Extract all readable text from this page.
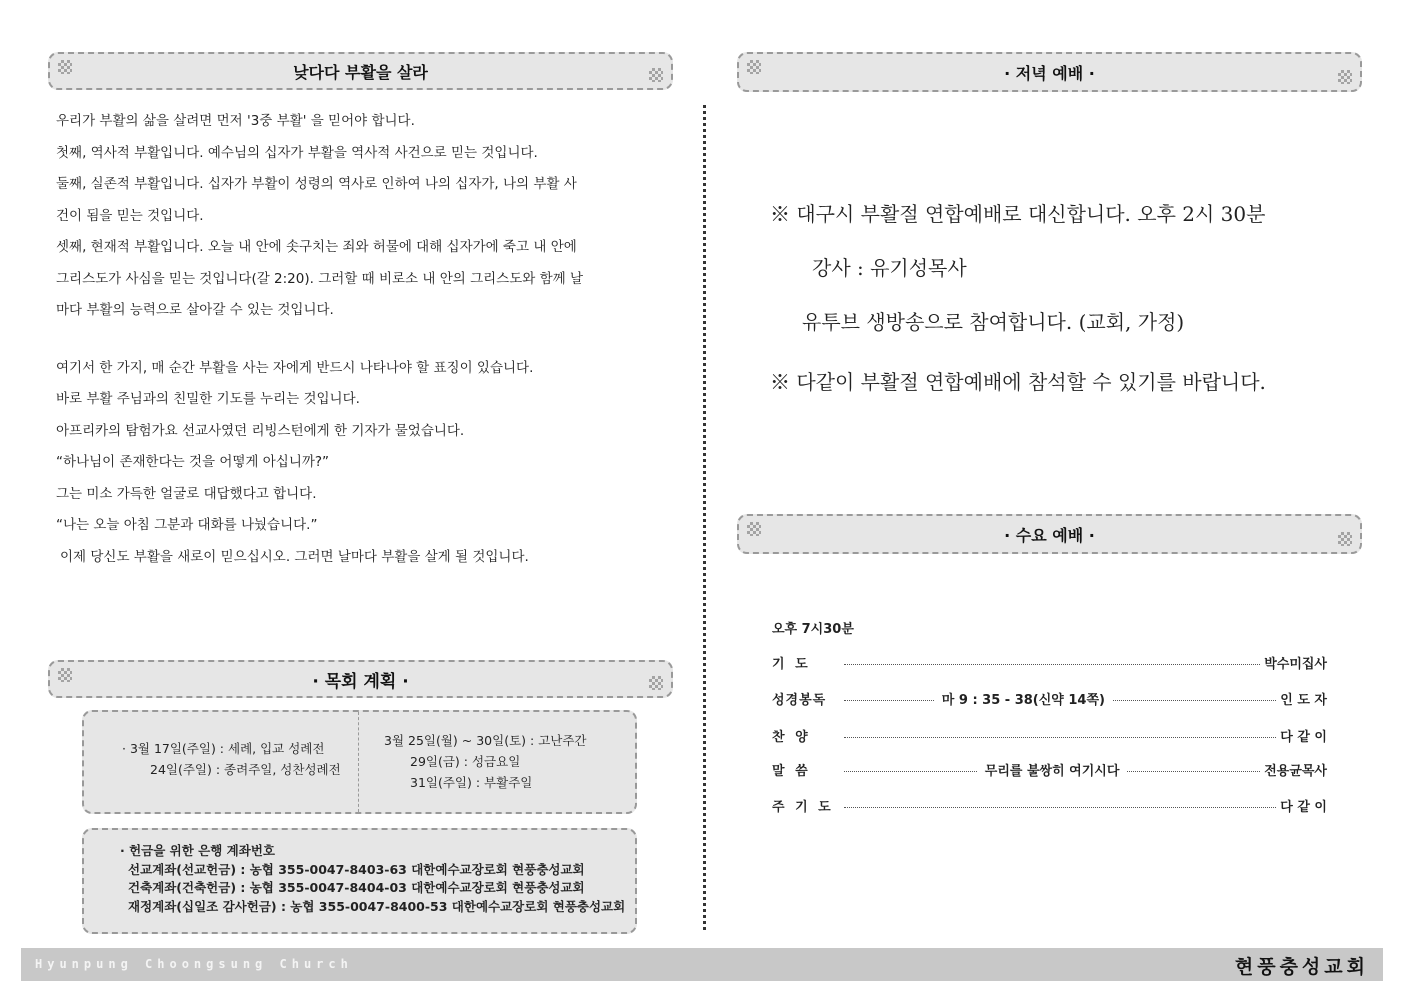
낮다다 부활을 살라

우리가 부활의 삶을 살려면 먼저 '3중 부활' 을 믿어야 합니다.

첫째, 역사적 부활입니다. 예수님의 십자가 부활을 역사적 사건으로 믿는 것입니다.

둘째, 실존적 부활입니다. 십자가 부활이 성령의 역사로 인하여 나의 십자가, 나의 부활 사

건이 됨을 믿는 것입니다.

셋째, 현재적 부활입니다. 오늘 내 안에 솟구치는 죄와 허물에 대해 십자가에 죽고 내 안에

그리스도가 사심을 믿는 것입니다(갈 2:20). 그러할 때 비로소 내 안의 그리스도와 함께 날

마다 부활의 능력으로 살아갈 수 있는 것입니다.

여기서 한 가지, 매 순간 부활을 사는 자에게 반드시 나타나야 할 표징이 있습니다.

바로 부활 주님과의 친밀한 기도를 누리는 것입니다.

아프리카의 탐험가요 선교사였던 리빙스턴에게 한 기자가 물었습니다.

“하나님이 존재한다는 것을 어떻게 아십니까?”

그는 미소 가득한 얼굴로 대답했다고 합니다.

“나는 오늘 아침 그분과 대화를 나눴습니다.”

이제 당신도 부활을 새로이 믿으십시오. 그러면 날마다 부활을 살게 될 것입니다.

· 목회 계획 ·
· 3월 17일(주일) : 세례, 입교 성례전
24일(주일) : 종려주일, 성찬성례전
3월 25일(월) ~ 30일(토) : 고난주간
29일(금) : 성금요일
31일(주일) : 부활주일
· 헌금을 위한 은행 계좌번호
선교계좌(선교헌금) : 농협 355-0047-8403-63 대한예수교장로회 현풍충성교회
건축계좌(건축헌금) : 농협 355-0047-8404-03 대한예수교장로회 현풍충성교회
재정계좌(십일조 감사헌금) : 농협 355-0047-8400-53 대한예수교장로회 현풍충성교회
· 저녁 예배 ·
※ 대구시 부활절 연합예배로 대신합니다. 오후 2시 30분
강사 : 유기성목사
유투브 생방송으로 참여합니다. (교회, 가정)
※ 다같이 부활절 연합예배에 참석할 수 있기를 바랍니다.
· 수요 예배 ·
오후 7시30분
기 도	박수미집사
성경봉독	마 9 : 35 - 38(신약 14쪽)	인 도 자
찬 양	다 같 이
말 씀	무리를 불쌍히 여기시다	전용균목사
주 기 도	다 같 이
Hyunpung Choongsung Church	현풍충성교회
